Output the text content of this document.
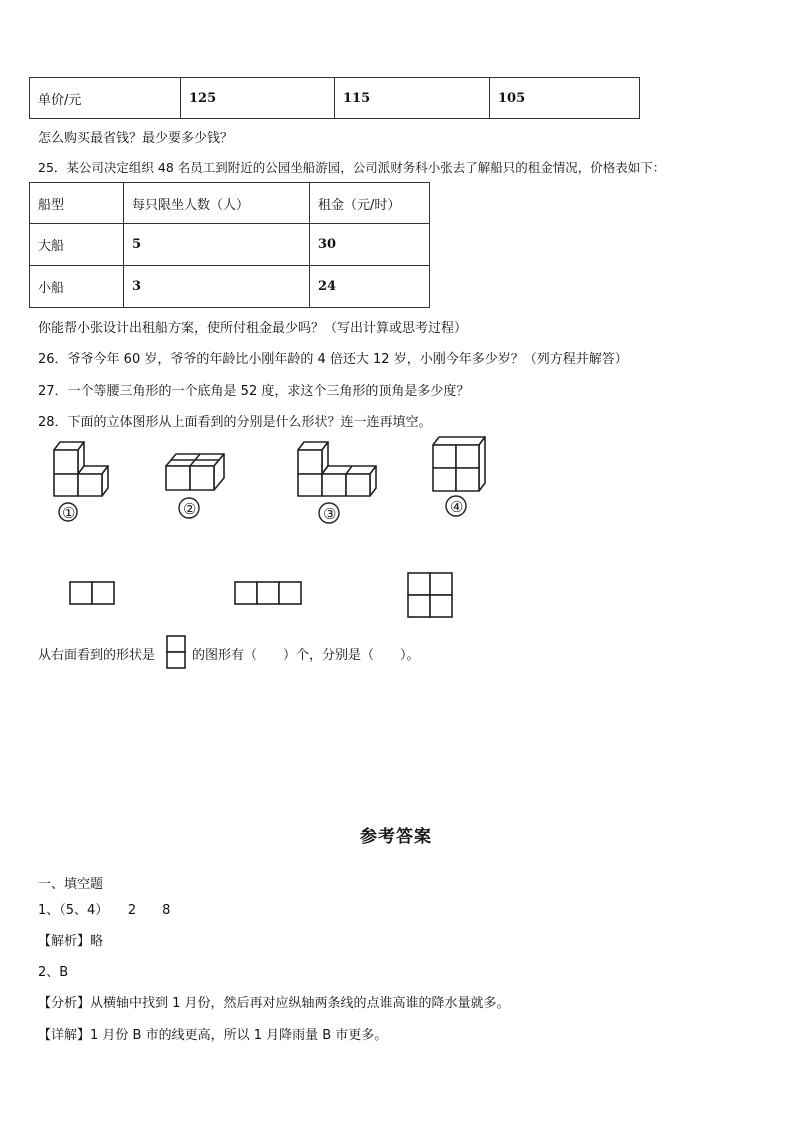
单价/元	125	115	105
怎么购买最省钱？最少要多少钱？
25．某公司决定组织 48 名员工到附近的公园坐船游园，公司派财务科小张去了解船只的租金情况，价格表如下：
船型	每只限坐人数（人）	租金（元/时）
大船	5	30
小船	3	24
你能帮小张设计出租船方案，使所付租金最少吗？（写出计算或思考过程）
26．爷爷今年 60 岁，爷爷的年龄比小刚年龄的 4 倍还大 12 岁，小刚今年多少岁？（列方程并解答）
27．一个等腰三角形的一个底角是 52 度，求这个三角形的顶角是多少度？
28．下面的立体图形从上面看到的分别是什么形状？连一连再填空。
①	②	③	④
从右面看到的形状是	的图形有（　　）个，分别是（　　）。
参考答案
一、填空题
1、（5、4）　　2　　8
【解析】略
2、B
【分析】从横轴中找到 1 月份，然后再对应纵轴两条线的点谁高谁的降水量就多。
【详解】1 月份 B 市的线更高，所以 1 月降雨量 B 市更多。
